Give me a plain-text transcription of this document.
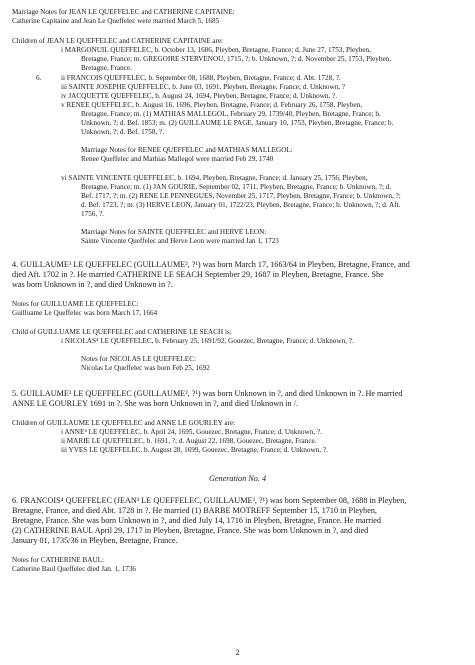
Marriage Notes for JEAN LE QUEFFELEC and CATHERINE CAPITAINE:
Catherine Capitaine and Jean Le Queffelec were married March 5, 1685
Children of JEAN LE QUEFFELEC and CATHERINE CAPITAINE are:
i MARGONUIL QUEFFELEC, b. October 13, 1686, Pleyben, Bretagne, France; d. June 27, 1753, Pleyben,
Bretagne, France; m. GREGOIRE STERVENOU, 1715, ?; b. Unknown, ?; d. November 25, 1753, Pleyben,
Bretagne, France.
6.	ii FRANCOIS QUEFFELEC, b. September 08, 1688, Pleyben, Bretagne, France; d. Abt. 1728, ?.
iii SAINTE JOSEPHE QUEFFELEC, b. June 03, 1691, Pleyben, Bretagne, France; d. Unknown, ?
iv JACQUETTE QUEFFELEC, b. August 24, 1694, Pleyben, Bretagne, France; d. Unknown, ?.
v RENEE QUEFFELEC, b. August 16, 1696, Pleyben, Bretagne, France; d. February 26, 1758, Pleyben,
Bretagne, France; m. (1) MATHIAS MALLEGOL, February 29, 1739/40, Pleyben, Bretagne, France; b.
Unknown, ?; d. Bef. 1853; m. (2) GUILLAUME LE PAGE, January 10, 1753, Pleyben, Bretagne, France; b.
Unknown, ?; d. Bef. 1758, ?.
Marriage Notes for RENEE QUEFFELEC and MATHIAS MALLEGOL:
Renee Queffelec and Mathias Mallegol were married Feb 29, 1740
vi SAINTE VINCENTE QUEFFELEC, b. 1694, Pleyben, Bretagne, France; d. January 25, 1756, Pleyben,
Bretagne, France; m. (1) JAN GOURIE, September 02, 1711, Pleyben, Bretagne, France; b. Unknown, ?; d.
Bef. 1717, ?; m. (2) RENE LE PENNEGUES, November 25, 1717, Pleyben, Bretagne, France; b. Unknown, ?;
d. Bef. 1723, ?; m. (3) HERVE LEON, January 01, 1722/23, Pleyben, Bretagne, France; b. Unknown, ?; d. Aft.
1756, ?.
Marriage Notes for SAINTE QUEFFELEC and HERVE LEON:
Sainte Vincente Queffelec and Herve Leon were married Jan 1, 1723
4. GUILLAUME³ LE QUEFFELEC (GUILLAUME², ?¹) was born March 17, 1663/64 in Pleyben, Bretagne, France, and
died Aft. 1702 in ?. He married CATHERINE LE SEACH September 29, 1687 in Pleyben, Bretagne, France. She
was born Unknown in ?, and died Unknown in ?.
Notes for GUILLUAME LE QUEFFELEC:
Guilluame Le Queffelec was born March 17, 1664
Child of GUILLUAME LE QUEFFELEC and CATHERINE LE SEACH is:
i NICOLAS⁴ LE QUEFFELEC, b. February 25, 1691/92, Gouezec, Bretagne, France; d. Unknown, ?.
Notes for NICOLAS LE QUEFFELEC:
Nicolas Le Queffelec was born Feb 25, 1692
5. GUILLAUME³ LE QUEFFELEC (GUILLAUME², ?¹) was born Unknown in ?, and died Unknown in ?. He married
ANNE LE GOURLEY 1691 in ?. She was born Unknown in ?, and died Unknown in /.
Children of GUILLAUME LE QUEFFELEC and ANNE LE GOURLEY are:
i ANNE⁴ LE QUEFFELEC, b. April 24, 1695, Gouezec, Bretagne, France; d. Unknown, ?.
ii MARIE LE QUEFFELEC, b. 1691, ?; d. August 22, 1698, Gouezec, Bretagne, France.
iii YVES LE QUEFFELEC, b. August 28, 1699, Gouezec, Bretagne, France; d. Unknown, ?.
Generation No. 4
6. FRANCOIS⁴ QUEFFELEC (JEAN³ LE QUEFFELEC, GUILLAUME², ?¹) was born September 08, 1688 in Pleyben,
Bretagne, France, and died Abt. 1728 in ?. He married (1) BARBE MOTREFF September 15, 1710 in Pleyben,
Bretagne, France. She was born Unknown in ?, and died July 14, 1716 in Pleyben, Bretagne, France. He married
(2) CATHERINE BAUL April 29, 1717 in Pleyben, Bretagne, France. She was born Unknown in ?, and died
January 01, 1735/36 in Pleyben, Bretagne, France.
Notes for CATHERINE BAUL:
Catherine Baul Queffelec died Jan. 1, 1736
2
